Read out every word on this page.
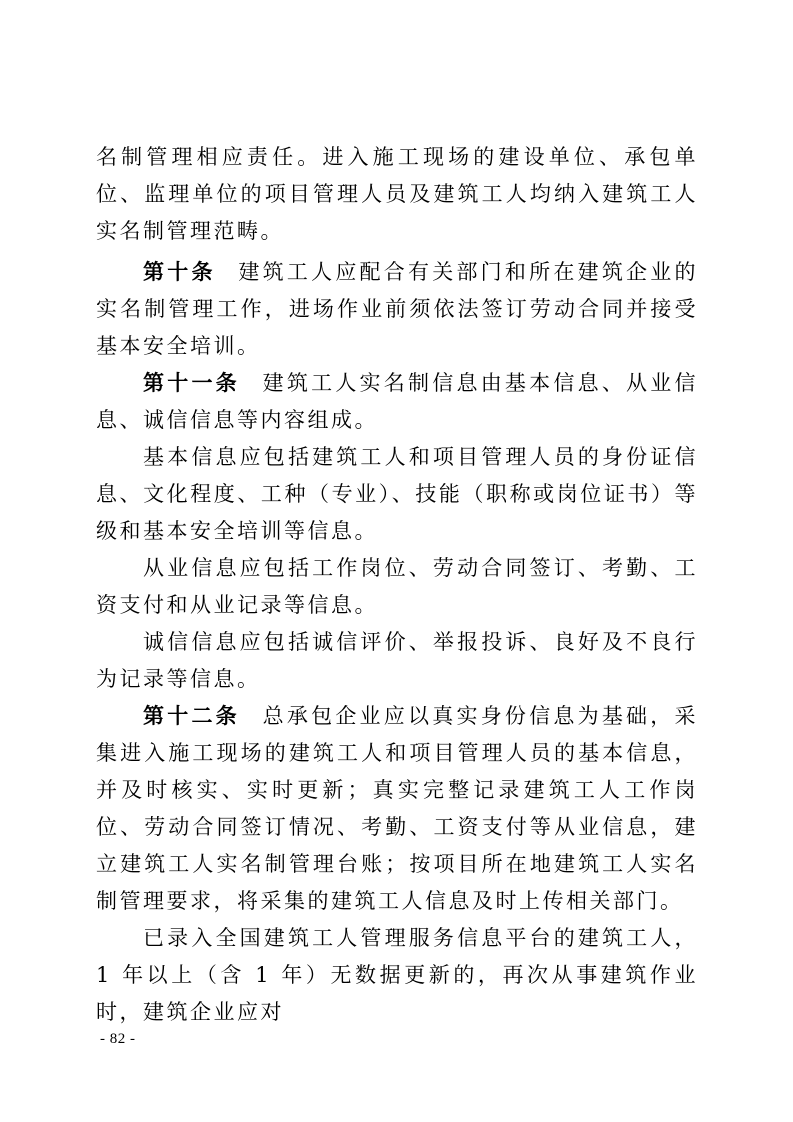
名制管理相应责任。进入施工现场的建设单位、承包单位、监理单位的项目管理人员及建筑工人均纳入建筑工人实名制管理范畴。

第十条 建筑工人应配合有关部门和所在建筑企业的实名制管理工作，进场作业前须依法签订劳动合同并接受基本安全培训。

第十一条 建筑工人实名制信息由基本信息、从业信息、诚信信息等内容组成。

基本信息应包括建筑工人和项目管理人员的身份证信息、文化程度、工种（专业）、技能（职称或岗位证书）等级和基本安全培训等信息。

从业信息应包括工作岗位、劳动合同签订、考勤、工资支付和从业记录等信息。

诚信信息应包括诚信评价、举报投诉、良好及不良行为记录等信息。

第十二条 总承包企业应以真实身份信息为基础，采集进入施工现场的建筑工人和项目管理人员的基本信息，并及时核实、实时更新；真实完整记录建筑工人工作岗位、劳动合同签订情况、考勤、工资支付等从业信息，建立建筑工人实名制管理台账；按项目所在地建筑工人实名制管理要求，将采集的建筑工人信息及时上传相关部门。

已录入全国建筑工人管理服务信息平台的建筑工人，1 年以上（含 1 年）无数据更新的，再次从事建筑作业时，建筑企业应对

- 82 -
